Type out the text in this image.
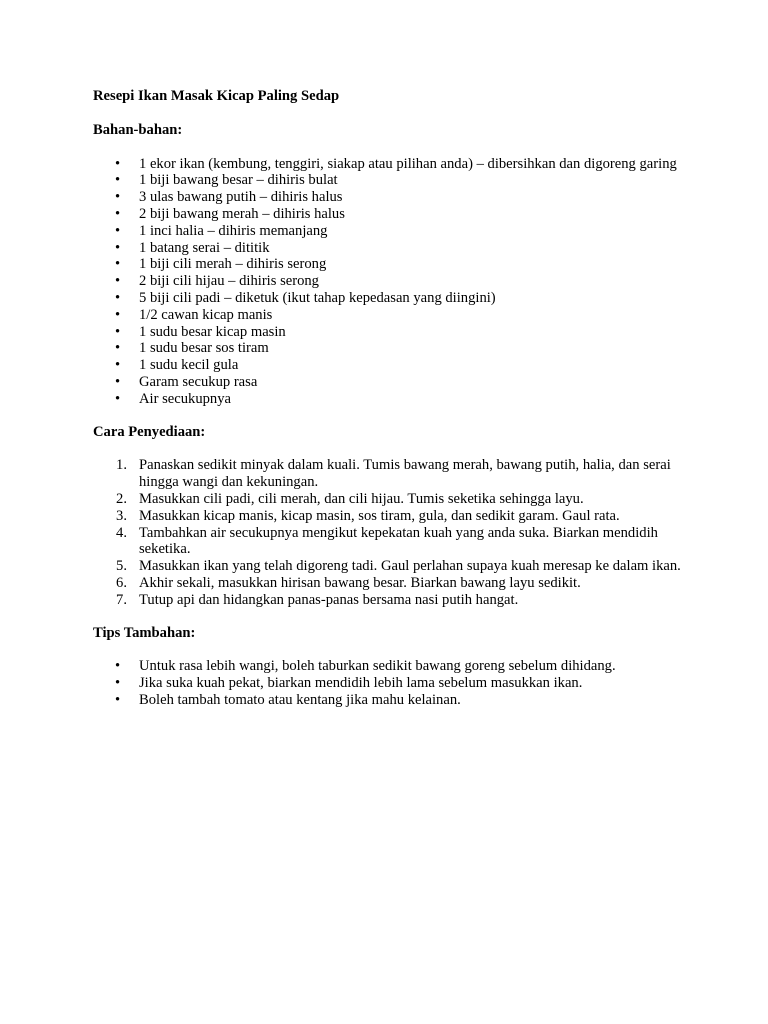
Resepi Ikan Masak Kicap Paling Sedap

Bahan-bahan:

• 1 ekor ikan (kembung, tenggiri, siakap atau pilihan anda) – dibersihkan dan digoreng garing
• 1 biji bawang besar – dihiris bulat
• 3 ulas bawang putih – dihiris halus
• 2 biji bawang merah – dihiris halus
• 1 inci halia – dihiris memanjang
• 1 batang serai – dititik
• 1 biji cili merah – dihiris serong
• 2 biji cili hijau – dihiris serong
• 5 biji cili padi – diketuk (ikut tahap kepedasan yang diingini)
• 1/2 cawan kicap manis
• 1 sudu besar kicap masin
• 1 sudu besar sos tiram
• 1 sudu kecil gula
• Garam secukup rasa
• Air secukupnya

Cara Penyediaan:

1. Panaskan sedikit minyak dalam kuali. Tumis bawang merah, bawang putih, halia, dan serai hingga wangi dan kekuningan.
2. Masukkan cili padi, cili merah, dan cili hijau. Tumis seketika sehingga layu.
3. Masukkan kicap manis, kicap masin, sos tiram, gula, dan sedikit garam. Gaul rata.
4. Tambahkan air secukupnya mengikut kepekatan kuah yang anda suka. Biarkan mendidih seketika.
5. Masukkan ikan yang telah digoreng tadi. Gaul perlahan supaya kuah meresap ke dalam ikan.
6. Akhir sekali, masukkan hirisan bawang besar. Biarkan bawang layu sedikit.
7. Tutup api dan hidangkan panas-panas bersama nasi putih hangat.

Tips Tambahan:

• Untuk rasa lebih wangi, boleh taburkan sedikit bawang goreng sebelum dihidang.
• Jika suka kuah pekat, biarkan mendidih lebih lama sebelum masukkan ikan.
• Boleh tambah tomato atau kentang jika mahu kelainan.
